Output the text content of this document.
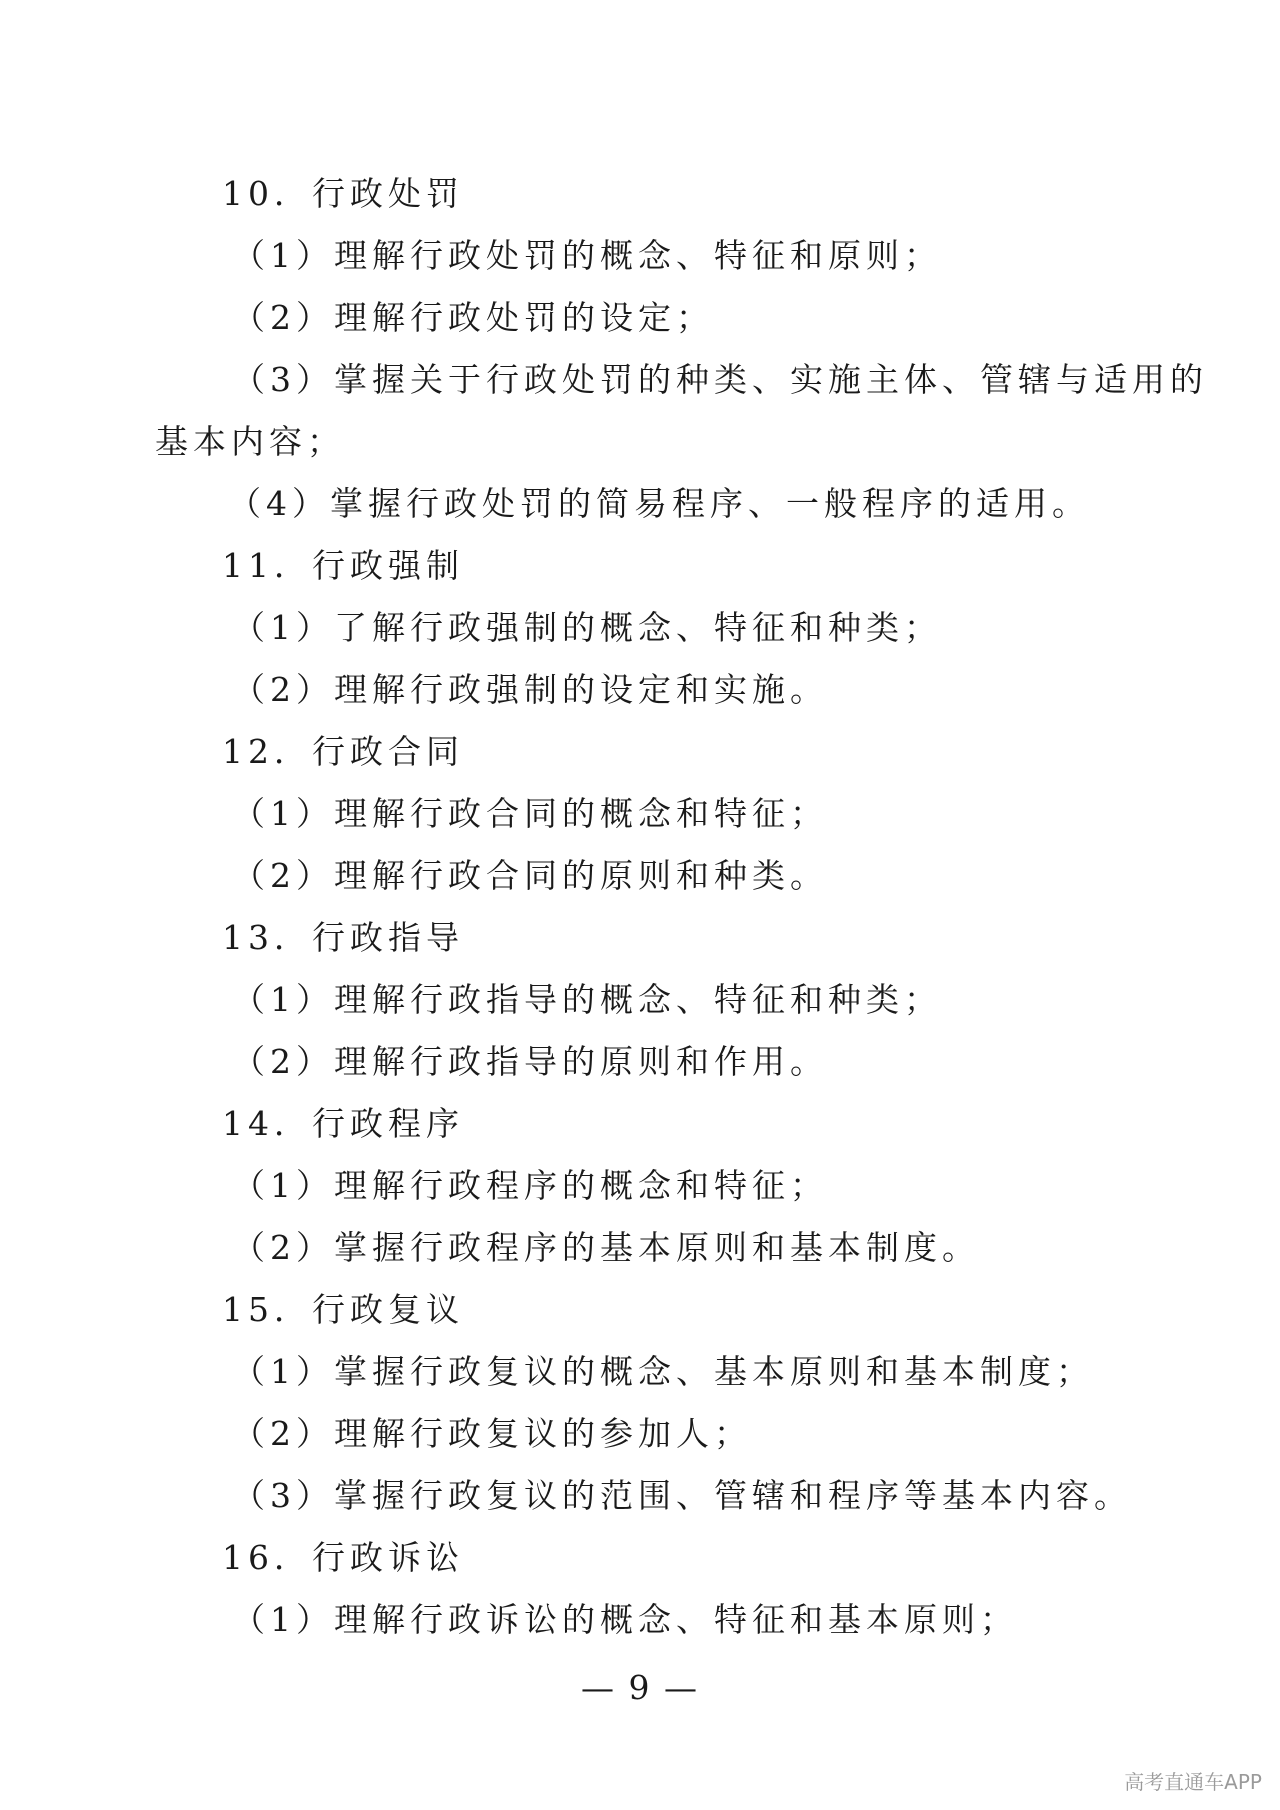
10．行政处罚
（1）理解行政处罚的概念、特征和原则；
（2）理解行政处罚的设定；
（3）掌握关于行政处罚的种类、实施主体、管辖与适用的
基本内容；
（4）掌握行政处罚的简易程序、一般程序的适用。
11．行政强制
（1）了解行政强制的概念、特征和种类；
（2）理解行政强制的设定和实施。
12．行政合同
（1）理解行政合同的概念和特征；
（2）理解行政合同的原则和种类。
13．行政指导
（1）理解行政指导的概念、特征和种类；
（2）理解行政指导的原则和作用。
14．行政程序
（1）理解行政程序的概念和特征；
（2）掌握行政程序的基本原则和基本制度。
15．行政复议
（1）掌握行政复议的概念、基本原则和基本制度；
（2）理解行政复议的参加人；
（3）掌握行政复议的范围、管辖和程序等基本内容。
16．行政诉讼
（1）理解行政诉讼的概念、特征和基本原则；
— 9 —
高考直通车APP
